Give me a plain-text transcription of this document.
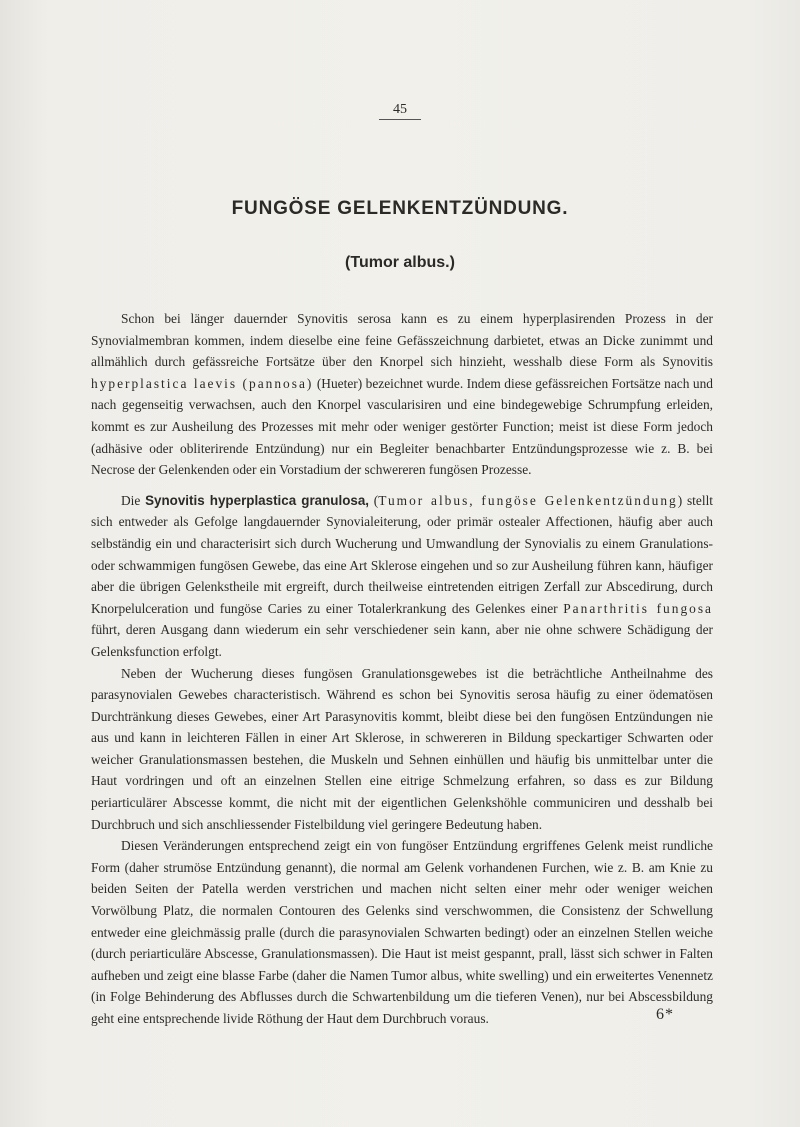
45
FUNGÖSE GELENKENTZÜNDUNG.
(Tumor albus.)

Schon bei länger dauernder Synovitis serosa kann es zu einem hyperplasirenden Prozess in der Synovialmembran kommen, indem dieselbe eine feine Gefässzeichnung darbietet, etwas an Dicke zunimmt und allmählich durch gefässreiche Fortsätze über den Knorpel sich hinzieht, wesshalb diese Form als Synovitis hyperplastica laevis (pannosa) (Hueter) bezeichnet wurde. Indem diese gefässreichen Fortsätze nach und nach gegenseitig verwachsen, auch den Knorpel vascularisiren und eine bindegewebige Schrumpfung erleiden, kommt es zur Ausheilung des Prozesses mit mehr oder weniger gestörter Function; meist ist diese Form jedoch (adhäsive oder obliterirende Entzündung) nur ein Begleiter benachbarter Entzündungsprozesse wie z. B. bei Necrose der Gelenkenden oder ein Vorstadium der schwereren fungösen Prozesse.

Die Synovitis hyperplastica granulosa, (Tumor albus, fungöse Gelenkentzündung) stellt sich entweder als Gefolge langdauernder Synovialeiterung, oder primär ostealer Affectionen, häufig aber auch selbständig ein und characterisirt sich durch Wucherung und Umwandlung der Synovialis zu einem Granulations- oder schwammigen fungösen Gewebe, das eine Art Sklerose eingehen und so zur Ausheilung führen kann, häufiger aber die übrigen Gelenkstheile mit ergreift, durch theilweise eintretenden eitrigen Zerfall zur Abscedirung, durch Knorpelulceration und fungöse Caries zu einer Totalerkrankung des Gelenkes einer Panarthritis fungosa führt, deren Ausgang dann wiederum ein sehr verschiedener sein kann, aber nie ohne schwere Schädigung der Gelenksfunction erfolgt.

Neben der Wucherung dieses fungösen Granulationsgewebes ist die beträchtliche Antheilnahme des parasynovialen Gewebes characteristisch. Während es schon bei Synovitis serosa häufig zu einer ödematösen Durchtränkung dieses Gewebes, einer Art Parasynovitis kommt, bleibt diese bei den fungösen Entzündungen nie aus und kann in leichteren Fällen in einer Art Sklerose, in schwereren in Bildung speckartiger Schwarten oder weicher Granulationsmassen bestehen, die Muskeln und Sehnen einhüllen und häufig bis unmittelbar unter die Haut vordringen und oft an einzelnen Stellen eine eitrige Schmelzung erfahren, so dass es zur Bildung periarticulärer Abscesse kommt, die nicht mit der eigentlichen Gelenkshöhle communiciren und desshalb bei Durchbruch und sich anschliessender Fistelbildung viel geringere Bedeutung haben.

Diesen Veränderungen entsprechend zeigt ein von fungöser Entzündung ergriffenes Gelenk meist rundliche Form (daher strumöse Entzündung genannt), die normal am Gelenk vorhandenen Furchen, wie z. B. am Knie zu beiden Seiten der Patella werden verstrichen und machen nicht selten einer mehr oder weniger weichen Vorwölbung Platz, die normalen Contouren des Gelenks sind verschwommen, die Consistenz der Schwellung entweder eine gleichmässig pralle (durch die parasynovialen Schwarten bedingt) oder an einzelnen Stellen weiche (durch periarticuläre Abscesse, Granulationsmassen). Die Haut ist meist gespannt, prall, lässt sich schwer in Falten aufheben und zeigt eine blasse Farbe (daher die Namen Tumor albus, white swelling) und ein erweitertes Venennetz (in Folge Behinderung des Abflusses durch die Schwartenbildung um die tieferen Venen), nur bei Abscessbildung geht eine entsprechende livide Röthung der Haut dem Durchbruch voraus.	6*
